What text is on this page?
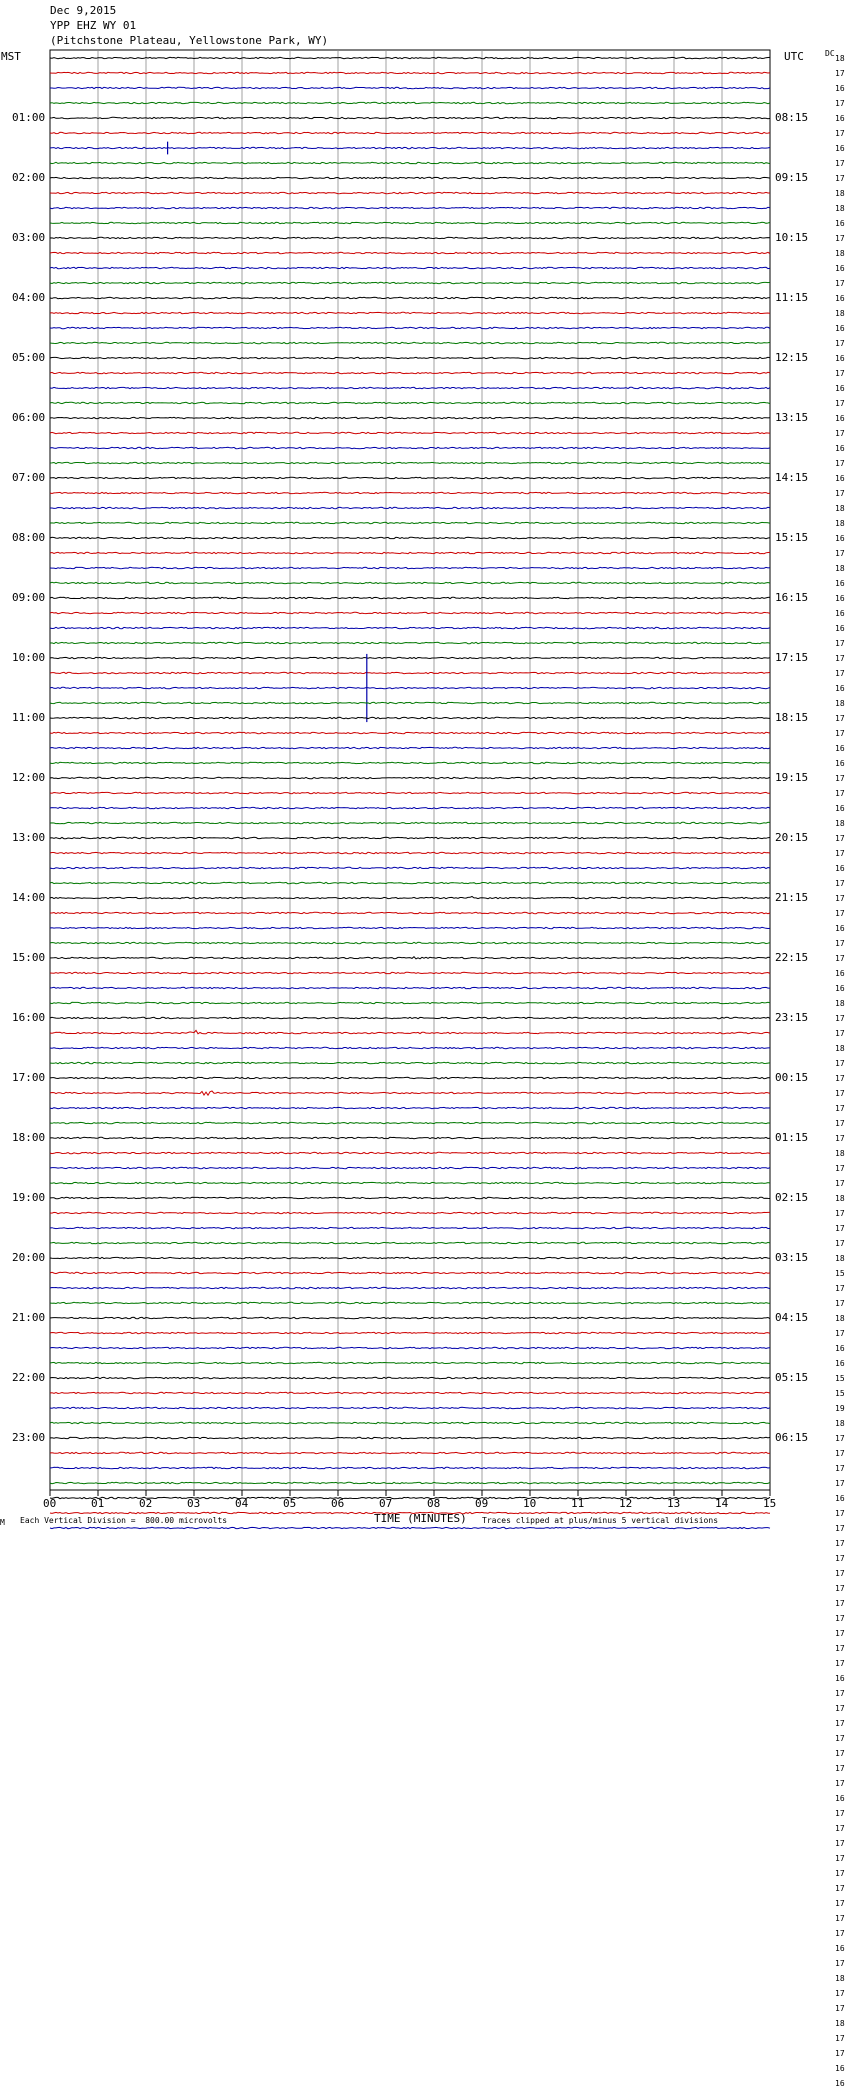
Dec 9,2015
YPP EHZ WY 01
(Pitchstone Plateau, Yellowstone Park, WY)
MST	UTC	DC
01:00
02:00
03:00
04:00
05:00
06:00
07:00
08:00
09:00
10:00
11:00
12:00
13:00
14:00
15:00
16:00
17:00
18:00
19:00
20:00
21:00
22:00
23:00
08:15
09:15
10:15
11:15
12:15
13:15
14:15
15:15
16:15
17:15
18:15
19:15
20:15
21:15
22:15
23:15
00:15
01:15
02:15
03:15
04:15
05:15
06:15
18
17
16
17
16
17
16
17
17
18
18
16
17
18
16
17
16
18
16
17
16
17
16
17
16
17
16
17
16
17
18
18
16
17
18
16
16
16
16
17
17
17
16
18
17
17
16
16
17
17
16
18
17
17
16
17
17
17
16
17
17
16
16
18
17
17
18
17
17
17
17
17
17
18
17
17
18
17
17
17
18
15
17
17
18
17
16
16
15
15
19
18
17
17
17
17
16
17
17
17
17
17
17
17
17
17
17
17
16
17
17
17
17
17
17
17
16
17
17
17
17
17
17
17
17
17
16
17
18
17
17
18
17
17
16
16
00	01	02	03	04	05	06	07	08	09	10	11	12	13	14	15
M Each Vertical Division =  800.00 microvolts	TIME (MINUTES) Traces clipped at plus/minus 5 vertical divisions
